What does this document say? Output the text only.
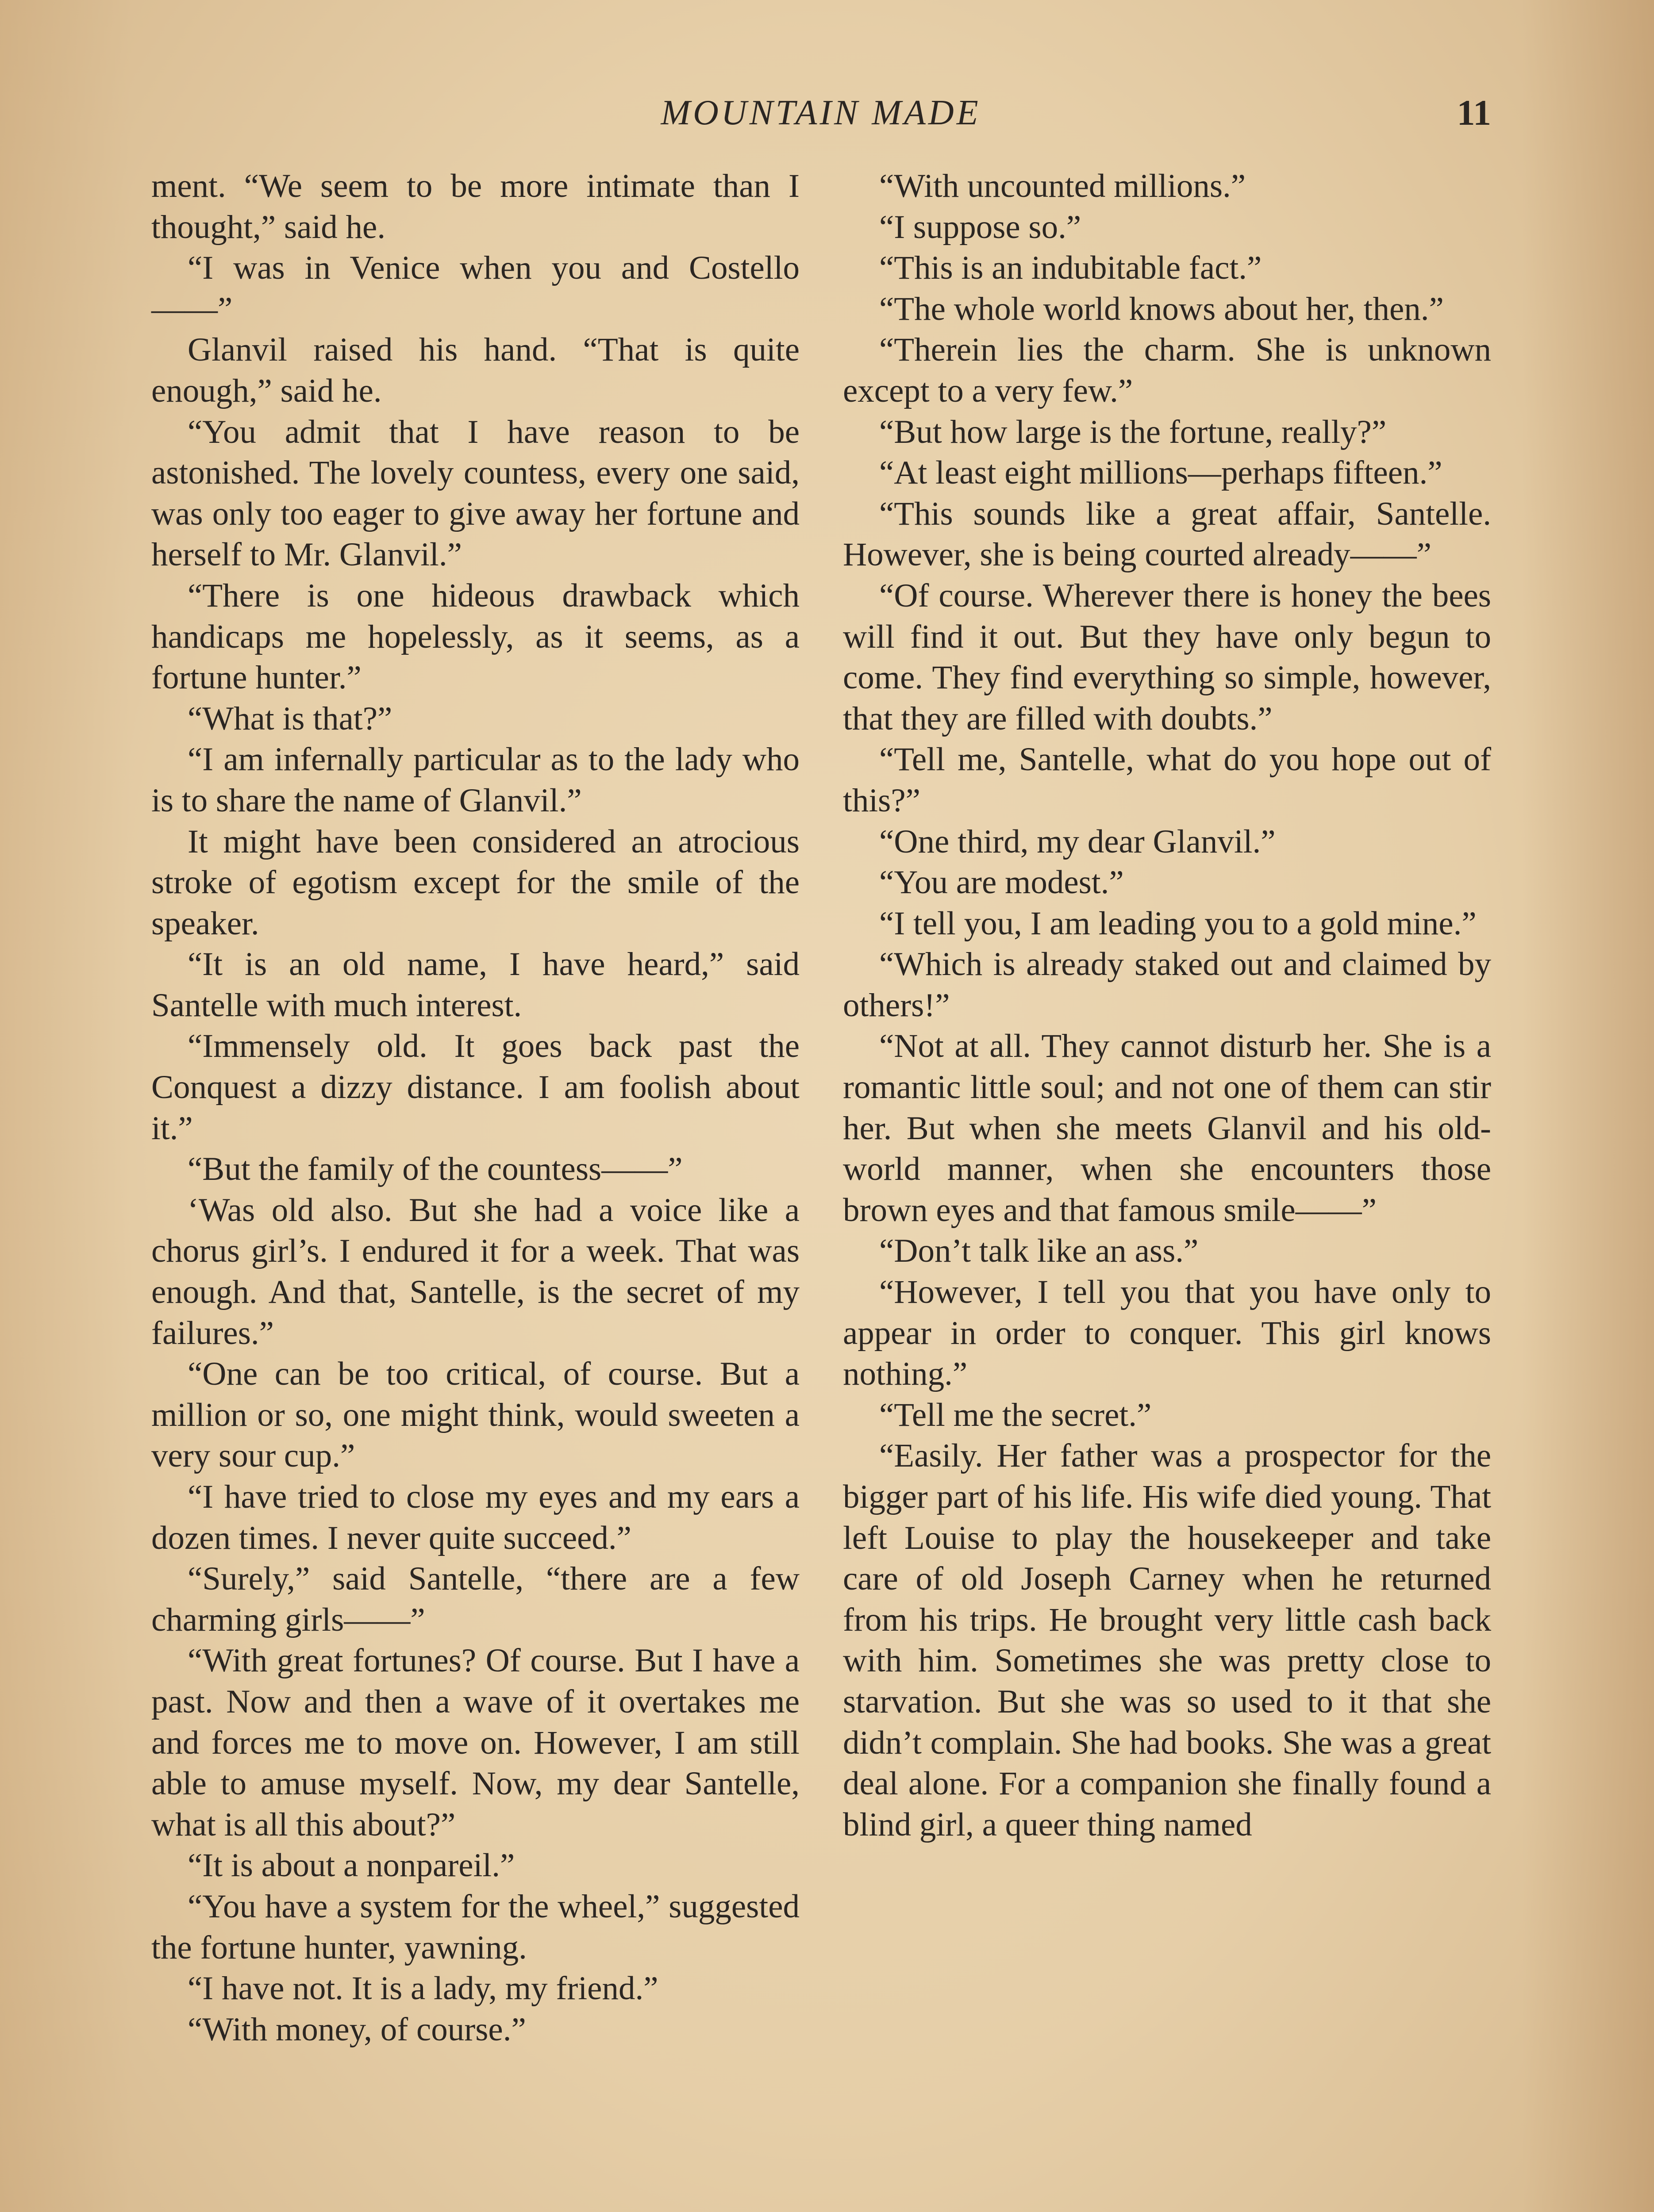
MOUNTAIN MADE	11

ment. “We seem to be more intimate than I thought,” said he.

“I was in Venice when you and Costello——”

Glanvil raised his hand. “That is quite enough,” said he.

“You admit that I have reason to be astonished. The lovely countess, every one said, was only too eager to give away her fortune and herself to Mr. Glanvil.”

“There is one hideous drawback which handicaps me hopelessly, as it seems, as a fortune hunter.”

“What is that?”

“I am infernally particular as to the lady who is to share the name of Glanvil.”

It might have been considered an atrocious stroke of egotism except for the smile of the speaker.

“It is an old name, I have heard,” said Santelle with much interest.

“Immensely old. It goes back past the Conquest a dizzy distance. I am foolish about it.”

“But the family of the countess——”

‘Was old also. But she had a voice like a chorus girl’s. I endured it for a week. That was enough. And that, Santelle, is the secret of my failures.”

“One can be too critical, of course. But a million or so, one might think, would sweeten a very sour cup.”

“I have tried to close my eyes and my ears a dozen times. I never quite succeed.”

“Surely,” said Santelle, “there are a few charming girls——”

“With great fortunes? Of course. But I have a past. Now and then a wave of it overtakes me and forces me to move on. However, I am still able to amuse myself. Now, my dear Santelle, what is all this about?”

“It is about a nonpareil.”

“You have a system for the wheel,” suggested the fortune hunter, yawning.

“I have not. It is a lady, my friend.”

“With money, of course.”

“With uncounted millions.”

“I suppose so.”

“This is an indubitable fact.”

“The whole world knows about her, then.”

“Therein lies the charm. She is unknown except to a very few.”

“But how large is the fortune, really?”

“At least eight millions—perhaps fifteen.”

“This sounds like a great affair, Santelle. However, she is being courted already——”

“Of course. Wherever there is honey the bees will find it out. But they have only begun to come. They find everything so simple, however, that they are filled with doubts.”

“Tell me, Santelle, what do you hope out of this?”

“One third, my dear Glanvil.”

“You are modest.”

“I tell you, I am leading you to a gold mine.”

“Which is already staked out and claimed by others!”

“Not at all. They cannot disturb her. She is a romantic little soul; and not one of them can stir her. But when she meets Glanvil and his old-world manner, when she encounters those brown eyes and that famous smile——”

“Don’t talk like an ass.”

“However, I tell you that you have only to appear in order to conquer. This girl knows nothing.”

“Tell me the secret.”

“Easily. Her father was a prospector for the bigger part of his life. His wife died young. That left Louise to play the housekeeper and take care of old Joseph Carney when he returned from his trips. He brought very little cash back with him. Sometimes she was pretty close to starvation. But she was so used to it that she didn’t complain. She had books. She was a great deal alone. For a companion she finally found a blind girl, a queer thing named
